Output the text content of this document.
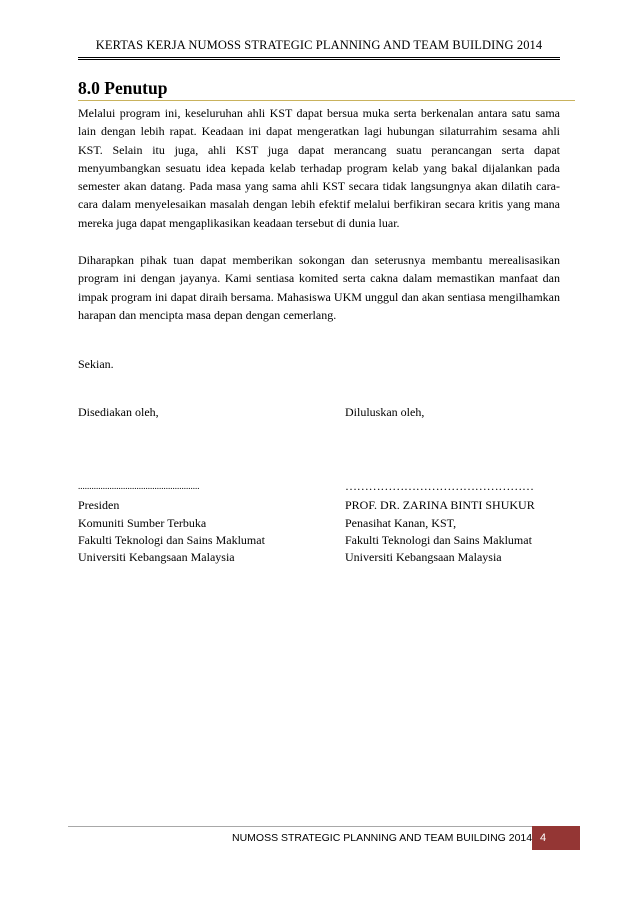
KERTAS KERJA NUMOSS STRATEGIC PLANNING AND TEAM BUILDING 2014
8.0 Penutup
Melalui program ini, keseluruhan ahli KST dapat bersua muka serta berkenalan antara satu sama lain dengan lebih rapat. Keadaan ini dapat mengeratkan lagi hubungan silaturrahim sesama ahli KST. Selain itu juga, ahli KST juga dapat merancang suatu perancangan serta dapat menyumbangkan sesuatu idea kepada kelab terhadap program kelab yang bakal dijalankan pada semester akan datang. Pada masa yang sama ahli KST secara tidak langsungnya akan dilatih cara-cara dalam menyelesaikan masalah dengan lebih efektif melalui berfikiran secara kritis yang mana mereka juga dapat mengaplikasikan keadaan tersebut di dunia luar.
Diharapkan pihak tuan dapat memberikan sokongan dan seterusnya membantu merealisasikan program ini dengan jayanya. Kami sentiasa komited serta cakna dalam memastikan manfaat dan impak program ini dapat diraih bersama. Mahasiswa UKM unggul dan akan sentiasa mengilhamkan harapan dan mencipta masa depan dengan cemerlang.
Sekian.
Disediakan oleh,
......................................................
Presiden
Komuniti Sumber Terbuka
Fakulti Teknologi dan Sains Maklumat
Universiti Kebangsaan Malaysia
Diluluskan oleh,
…………………………………………
PROF. DR. ZARINA BINTI SHUKUR
Penasihat Kanan, KST,
Fakulti Teknologi dan Sains Maklumat
Universiti Kebangsaan Malaysia
NUMOSS STRATEGIC PLANNING AND TEAM BUILDING 2014 4
